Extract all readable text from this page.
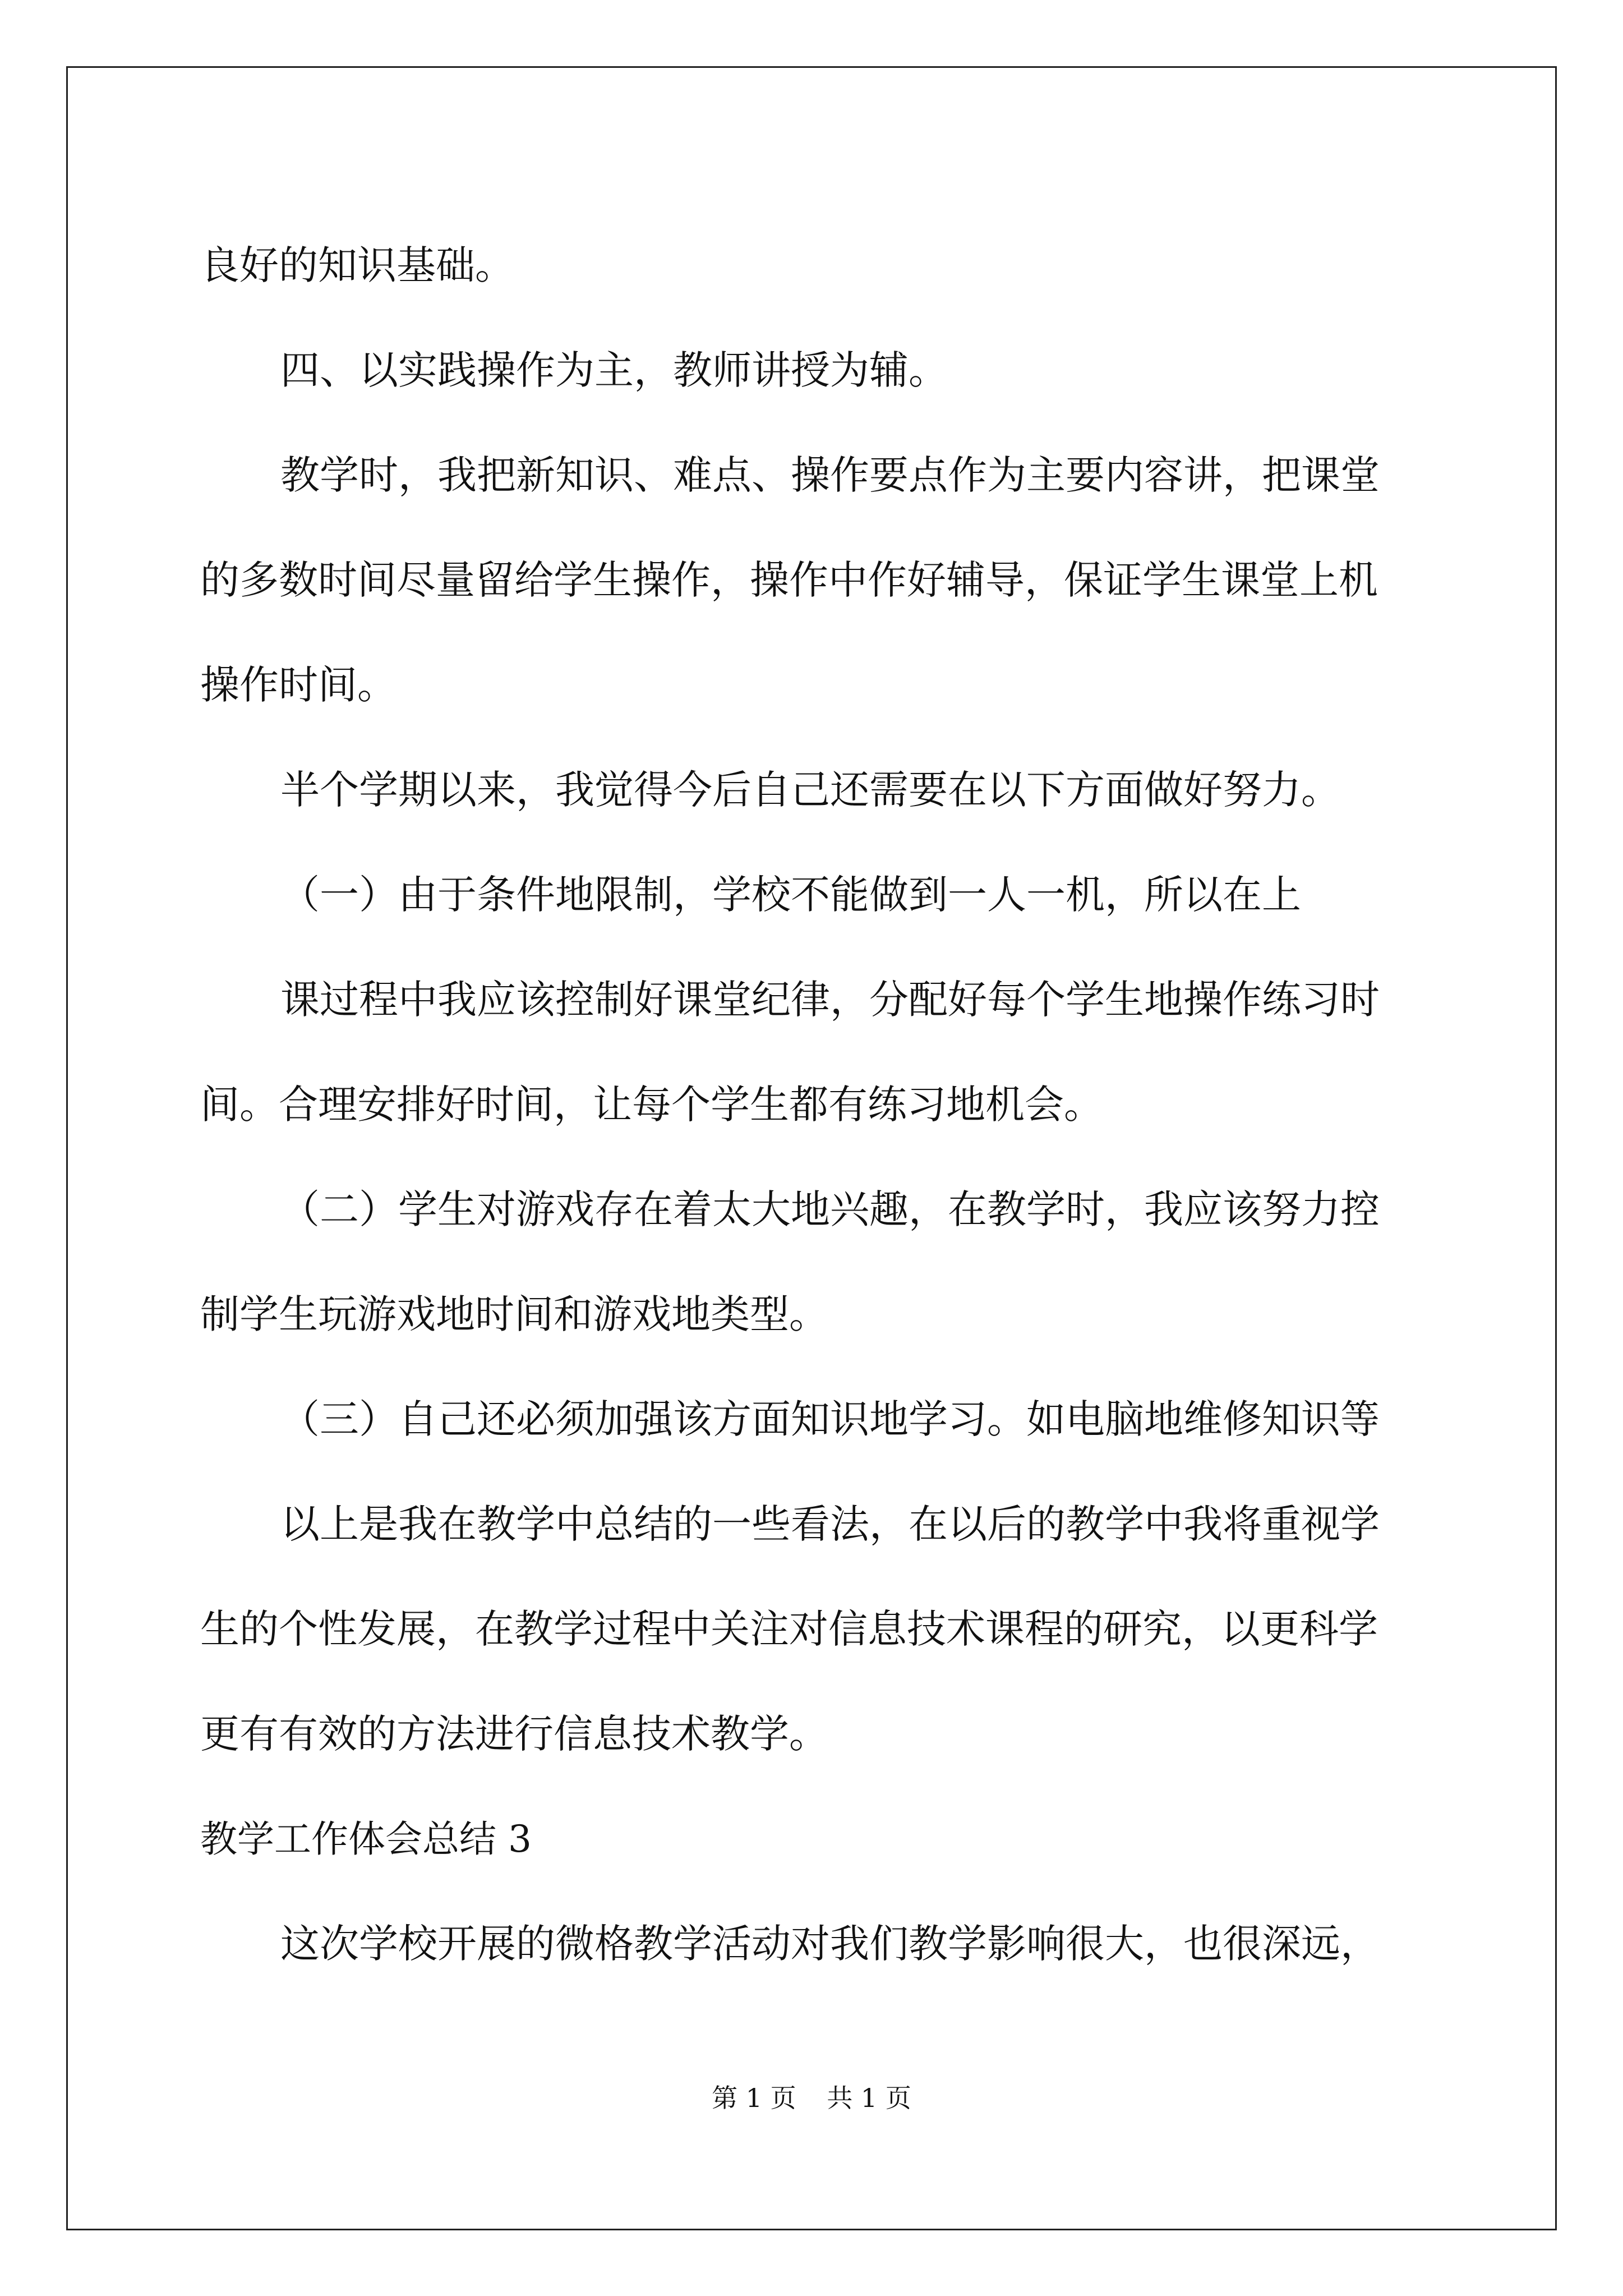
良好的知识基础。

四、以实践操作为主，教师讲授为辅。

教学时，我把新知识、难点、操作要点作为主要内容讲，把课堂

的多数时间尽量留给学生操作，操作中作好辅导，保证学生课堂上机

操作时间。

半个学期以来，我觉得今后自己还需要在以下方面做好努力。

（一）由于条件地限制，学校不能做到一人一机，所以在上

课过程中我应该控制好课堂纪律，分配好每个学生地操作练习时

间。合理安排好时间，让每个学生都有练习地机会。

（二）学生对游戏存在着太大地兴趣，在教学时，我应该努力控

制学生玩游戏地时间和游戏地类型。

（三）自己还必须加强该方面知识地学习。如电脑地维修知识等

以上是我在教学中总结的一些看法，在以后的教学中我将重视学

生的个性发展，在教学过程中关注对信息技术课程的研究，以更科学

更有有效的方法进行信息技术教学。

教学工作体会总结 3

这次学校开展的微格教学活动对我们教学影响很大，也很深远，

第 1 页 共 1 页
